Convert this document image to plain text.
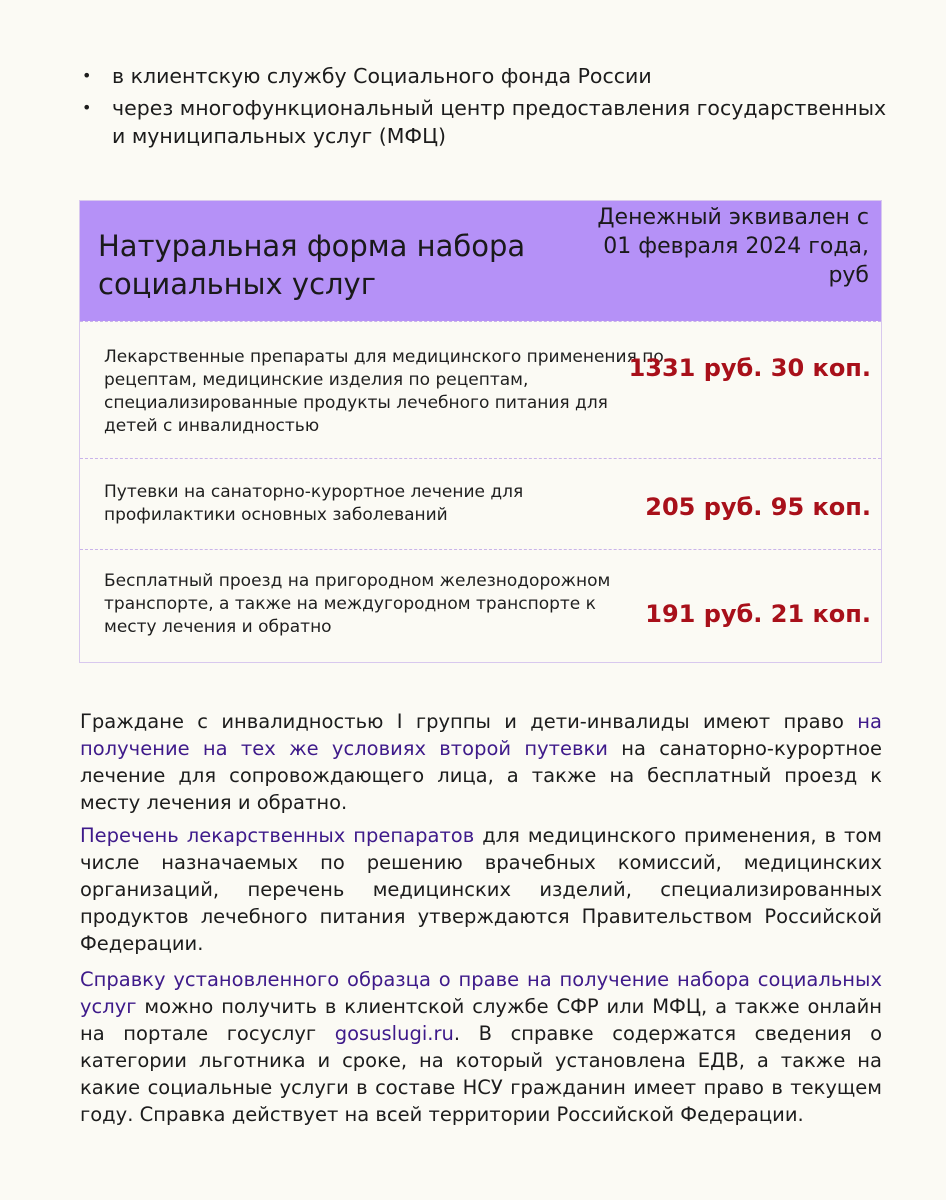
• в клиентскую службу Социального фонда России
• через многофункциональный центр предоставления государственных и муниципальных услуг (МФЦ)
Натуральная форма набора социальных услуг
Денежный эквивален с 01 февраля 2024 года, руб
Лекарственные препараты для медицинского применения по рецептам, медицинские изделия по рецептам, специализированные продукты лечебного питания для детей с инвалидностью
1331 руб. 30 коп.
Путевки на санаторно-курортное лечение для профилактики основных заболеваний	205 руб. 95 коп.
Бесплатный проезд на пригородном железнодорожном транспорте, а также на междугородном транспорте к месту лечения и обратно	191 руб. 21 коп.

Граждане с инвалидностью I группы и дети-инвалиды имеют право на получение на тех же условиях второй путевки на санаторно-курортное лечение для сопровождающего лица, а также на бесплатный проезд к месту лечения и обратно.

Перечень лекарственных препаратов для медицинского применения, в том числе назначаемых по решению врачебных комиссий, медицинских организаций, перечень медицинских изделий, специализированных продуктов лечебного питания утверждаются Правительством Российской Федерации.

Справку установленного образца о праве на получение набора социальных услуг можно получить в клиентской службе СФР или МФЦ, а также онлайн на портале госуслуг gosuslugi.ru. В справке содержатся сведения о категории льготника и сроке, на который установлена ЕДВ, а также на какие социальные услуги в составе НСУ гражданин имеет право в текущем году. Справка действует на всей территории Российской Федерации.
